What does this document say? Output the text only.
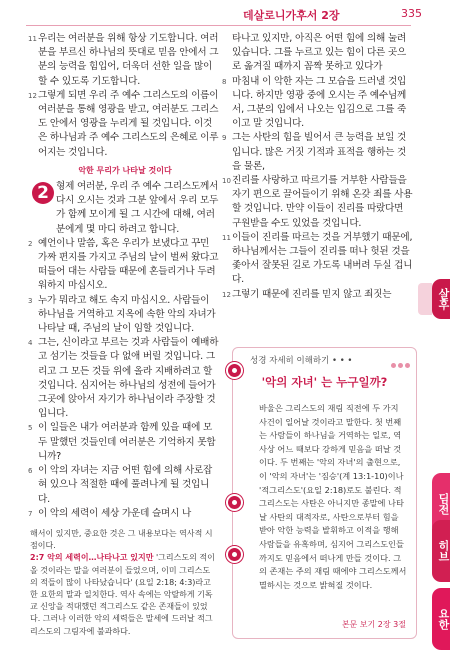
데살로니가후서 2장	335
11 우리는 여러분을 위해 항상 기도합니다. 여러분을 부르신 하나님의 뜻대로 믿음 안에서 그분의 능력을 힘입어, 더욱더 선한 일을 많이 할 수 있도록 기도합니다.
12 그렇게 되면 우리 주 예수 그리스도의 이름이 여러분을 통해 영광을 받고, 여러분도 그리스도 안에서 영광을 누리게 될 것입니다. 이것은 하나님과 주 예수 그리스도의 은혜로 이루어지는 것입니다.
악한 무리가 나타날 것이다
2 형제 여러분, 우리 주 예수 그리스도께서 다시 오시는 것과 그분 앞에서 우리 모두가 함께 모이게 될 그 시간에 대해, 여러분에게 몇 마디 하려고 합니다.
2 예언이나 말씀, 혹은 우리가 보냈다고 꾸민 가짜 편지를 가지고 주님의 날이 벌써 왔다고 떠들어 대는 사람들 때문에 혼들리거나 두려워하지 마십시오.
3 누가 뭐라고 해도 속지 마십시오. 사람들이 하나님을 거역하고 지옥에 속한 악의 자녀가 나타날 때, 주님의 날이 임할 것입니다.
4 그는, 신이라고 부르는 것과 사람들이 예배하고 섬기는 것들을 다 없애 버릴 것입니다. 그리고 그 모든 것들 위에 올라 지배하려고 할 것입니다. 심지어는 하나님의 성전에 들어가 그곳에 앉아서 자기가 하나님이라 주장할 것입니다.
5 이 일들은 내가 여러분과 함께 있을 때에 모두 말했던 것들인데 여러분은 기억하지 못합니까?
6 이 악의 자녀는 지금 어떤 힘에 의해 사로잡혀 있으나 적절한 때에 풀려나게 될 것입니다.
7 이 악의 세력이 세상 가운데 슬며시 나
해서이 있지만, 중요한 것은 그 내용보다는 역사적 시점이다.
2:7 악의 세력이…나타나고 있지만 '그리스도의 적이 올 것이라는 말을 여러분이 들었으며, 이미 그리스도의 적들이 많이 나타났습니다' (요일 2:18; 4:3)라고 한 요한의 말과 일치한다. 역사 속에는 악랄하게 기독교 신앙을 적대했던 적그리스도 같은 존재들이 있었다. 그러나 이러한 악의 세력들은 말세에 드러날 적그리스도의 그림자에 불과하다.
타나고 있지만, 아직은 어떤 힘에 의해 눌려 있습니다. 그를 누르고 있는 힘이 다른 곳으로 옮겨질 때까지 꼼짝 못하고 있다가
8 마침내 이 악한 자는 그 모습을 드러낼 것입니다. 하지만 영광 중에 오시는 주 예수님께서, 그분의 입에서 나오는 입김으로 그를 죽이고 말 것입니다.
9 그는 사탄의 힘을 빌어서 큰 능력을 보일 것입니다. 많은 거짓 기적과 표적을 행하는 것을 물론,
10 진리를 사랑하고 따르기를 거부한 사람들을 자기 편으로 끌어들이기 위해 온갖 죄를 사용할 것입니다. 만약 이들이 진리를 따랐다면 구원받을 수도 있었을 것입니다.
11 이들이 진리를 따르는 것을 거부했기 때문에, 하나님께서는 그들이 진리를 떠나 헛된 것을 좇아서 잘못된 길로 가도록 내버려 두실 겁니다.
12 그렇기 때문에 진리를 믿지 않고 죄짓는
성경 자세히 이해하기 • • •
'악의 자녀' 는 누구일까?
바울은 그리스도의 재림 직전에 두 가지 사건이 일어날 것이라고 말한다. 첫 번째는 사람들이 하나님을 거역하는 일로, 역사상 어느 때보다 강하게 믿음을 떠날 것이다. 두 번째는 '악의 자녀'의 출현으로, 이 '악의 자녀'는 '짐승'(계 13:1-10)이나 '적그리스도'(요일 2:18)로도 불린다. 적그리스도는 사탄은 아니지만 종말에 나타날 사탄의 대적자로, 사탄으로부터 힘을 받아 악한 능력을 발휘하고 이적을 행해 사람들을 유혹하며, 심지어 그리스도인들까지도 믿음에서 떠나게 만들 것이다. 그의 존재는 주의 재림 때에야 그리스도께서 멸하시는 것으로 밝혀질 것이다.
본문 보기 2장 3절
살후
딤전
히브
요한
